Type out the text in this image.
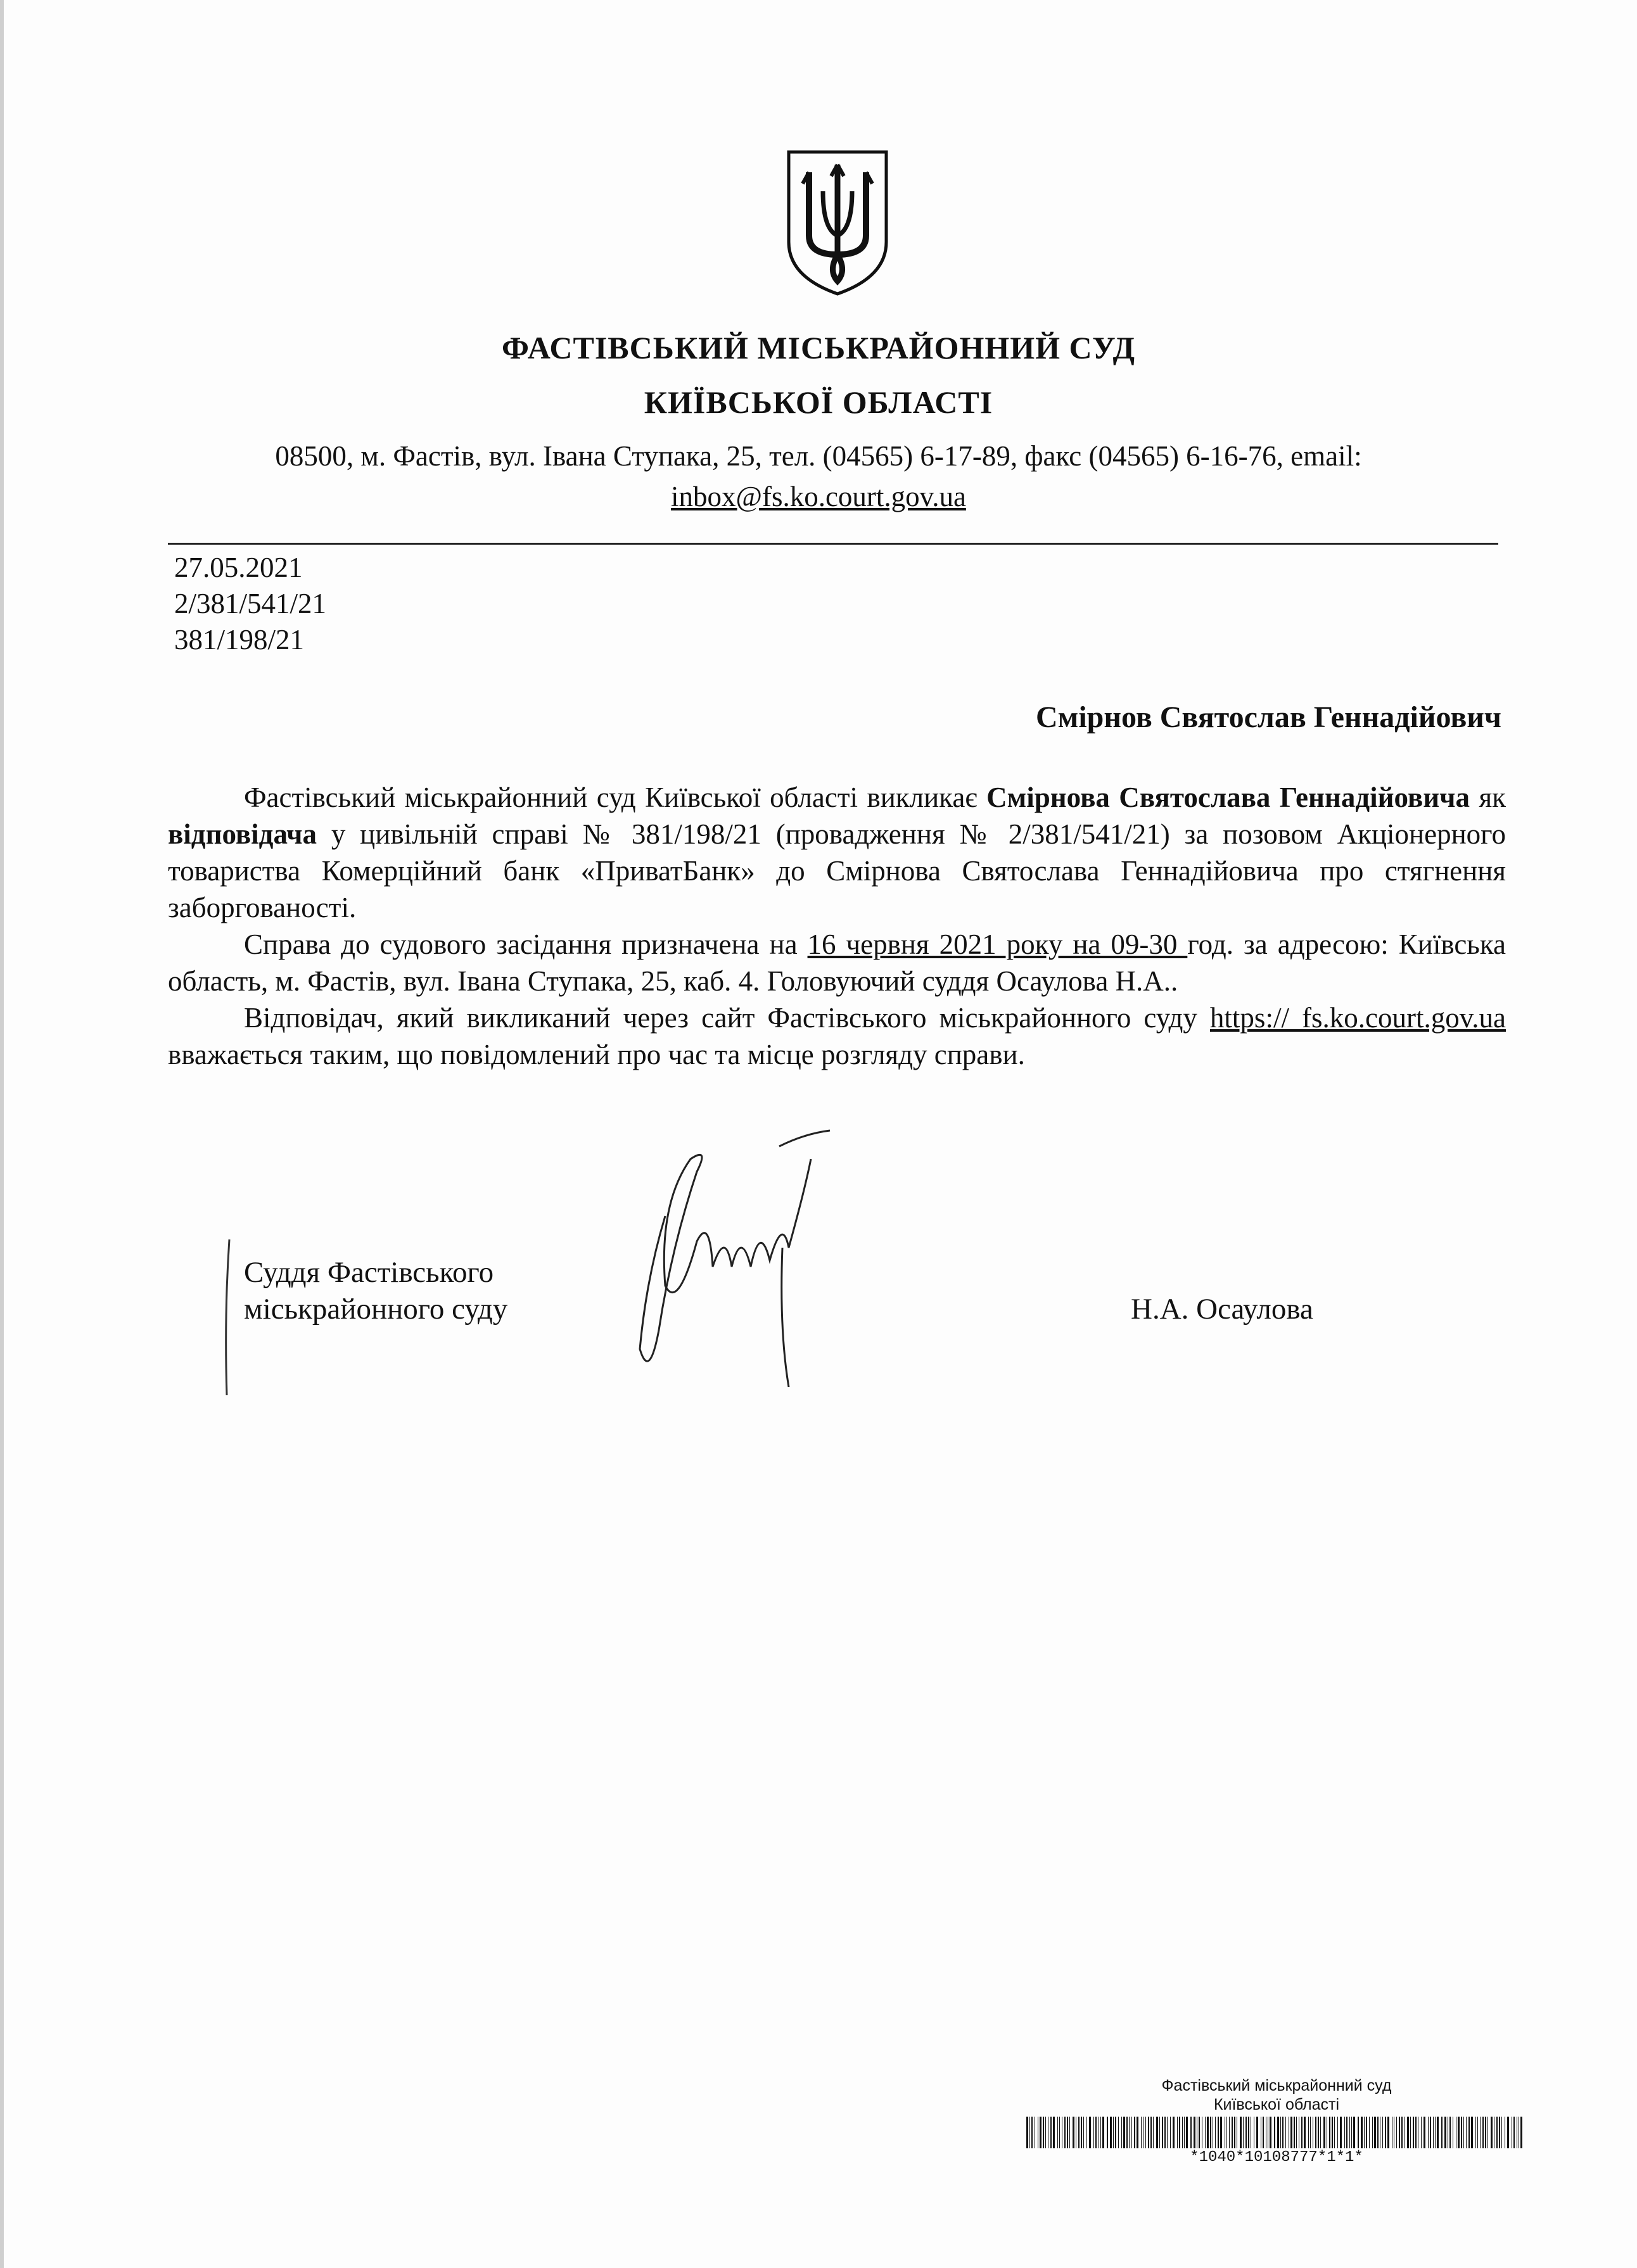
ФАСТІВСЬКИЙ МІСЬКРАЙОННИЙ СУД
КИЇВСЬКОЇ ОБЛАСТІ
08500, м. Фастів, вул. Івана Ступака, 25, тел. (04565) 6-17-89, факс (04565) 6-16-76, email:
inbox@fs.ko.court.gov.ua
27.05.2021
2/381/541/21
381/198/21
Смірнов Святослав Геннадійович

Фастівський міськрайонний суд Київської області викликає Смірнова Святослава Геннадійовича як відповідача у цивільній справі № 381/198/21 (провадження № 2/381/541/21) за позовом Акціонерного товариства Комерційний банк «ПриватБанк» до Смірнова Святослава Геннадійовича про стягнення заборгованості.

Справа до судового засідання призначена на 16 червня 2021 року на 09-30 год. за адресою: Київська область, м. Фастів, вул. Івана Ступака, 25, каб. 4. Головуючий суддя Осаулова Н.А..

Відповідач, який викликаний через сайт Фастівського міськрайонного суду https:// fs.ko.court.gov.ua вважається таким, що повідомлений про час та місце розгляду справи.

Суддя Фастівського
міськрайонного суду	Н.А. Осаулова
Фастівський міськрайонний суд
Київської області
*1040*10108777*1*1*
